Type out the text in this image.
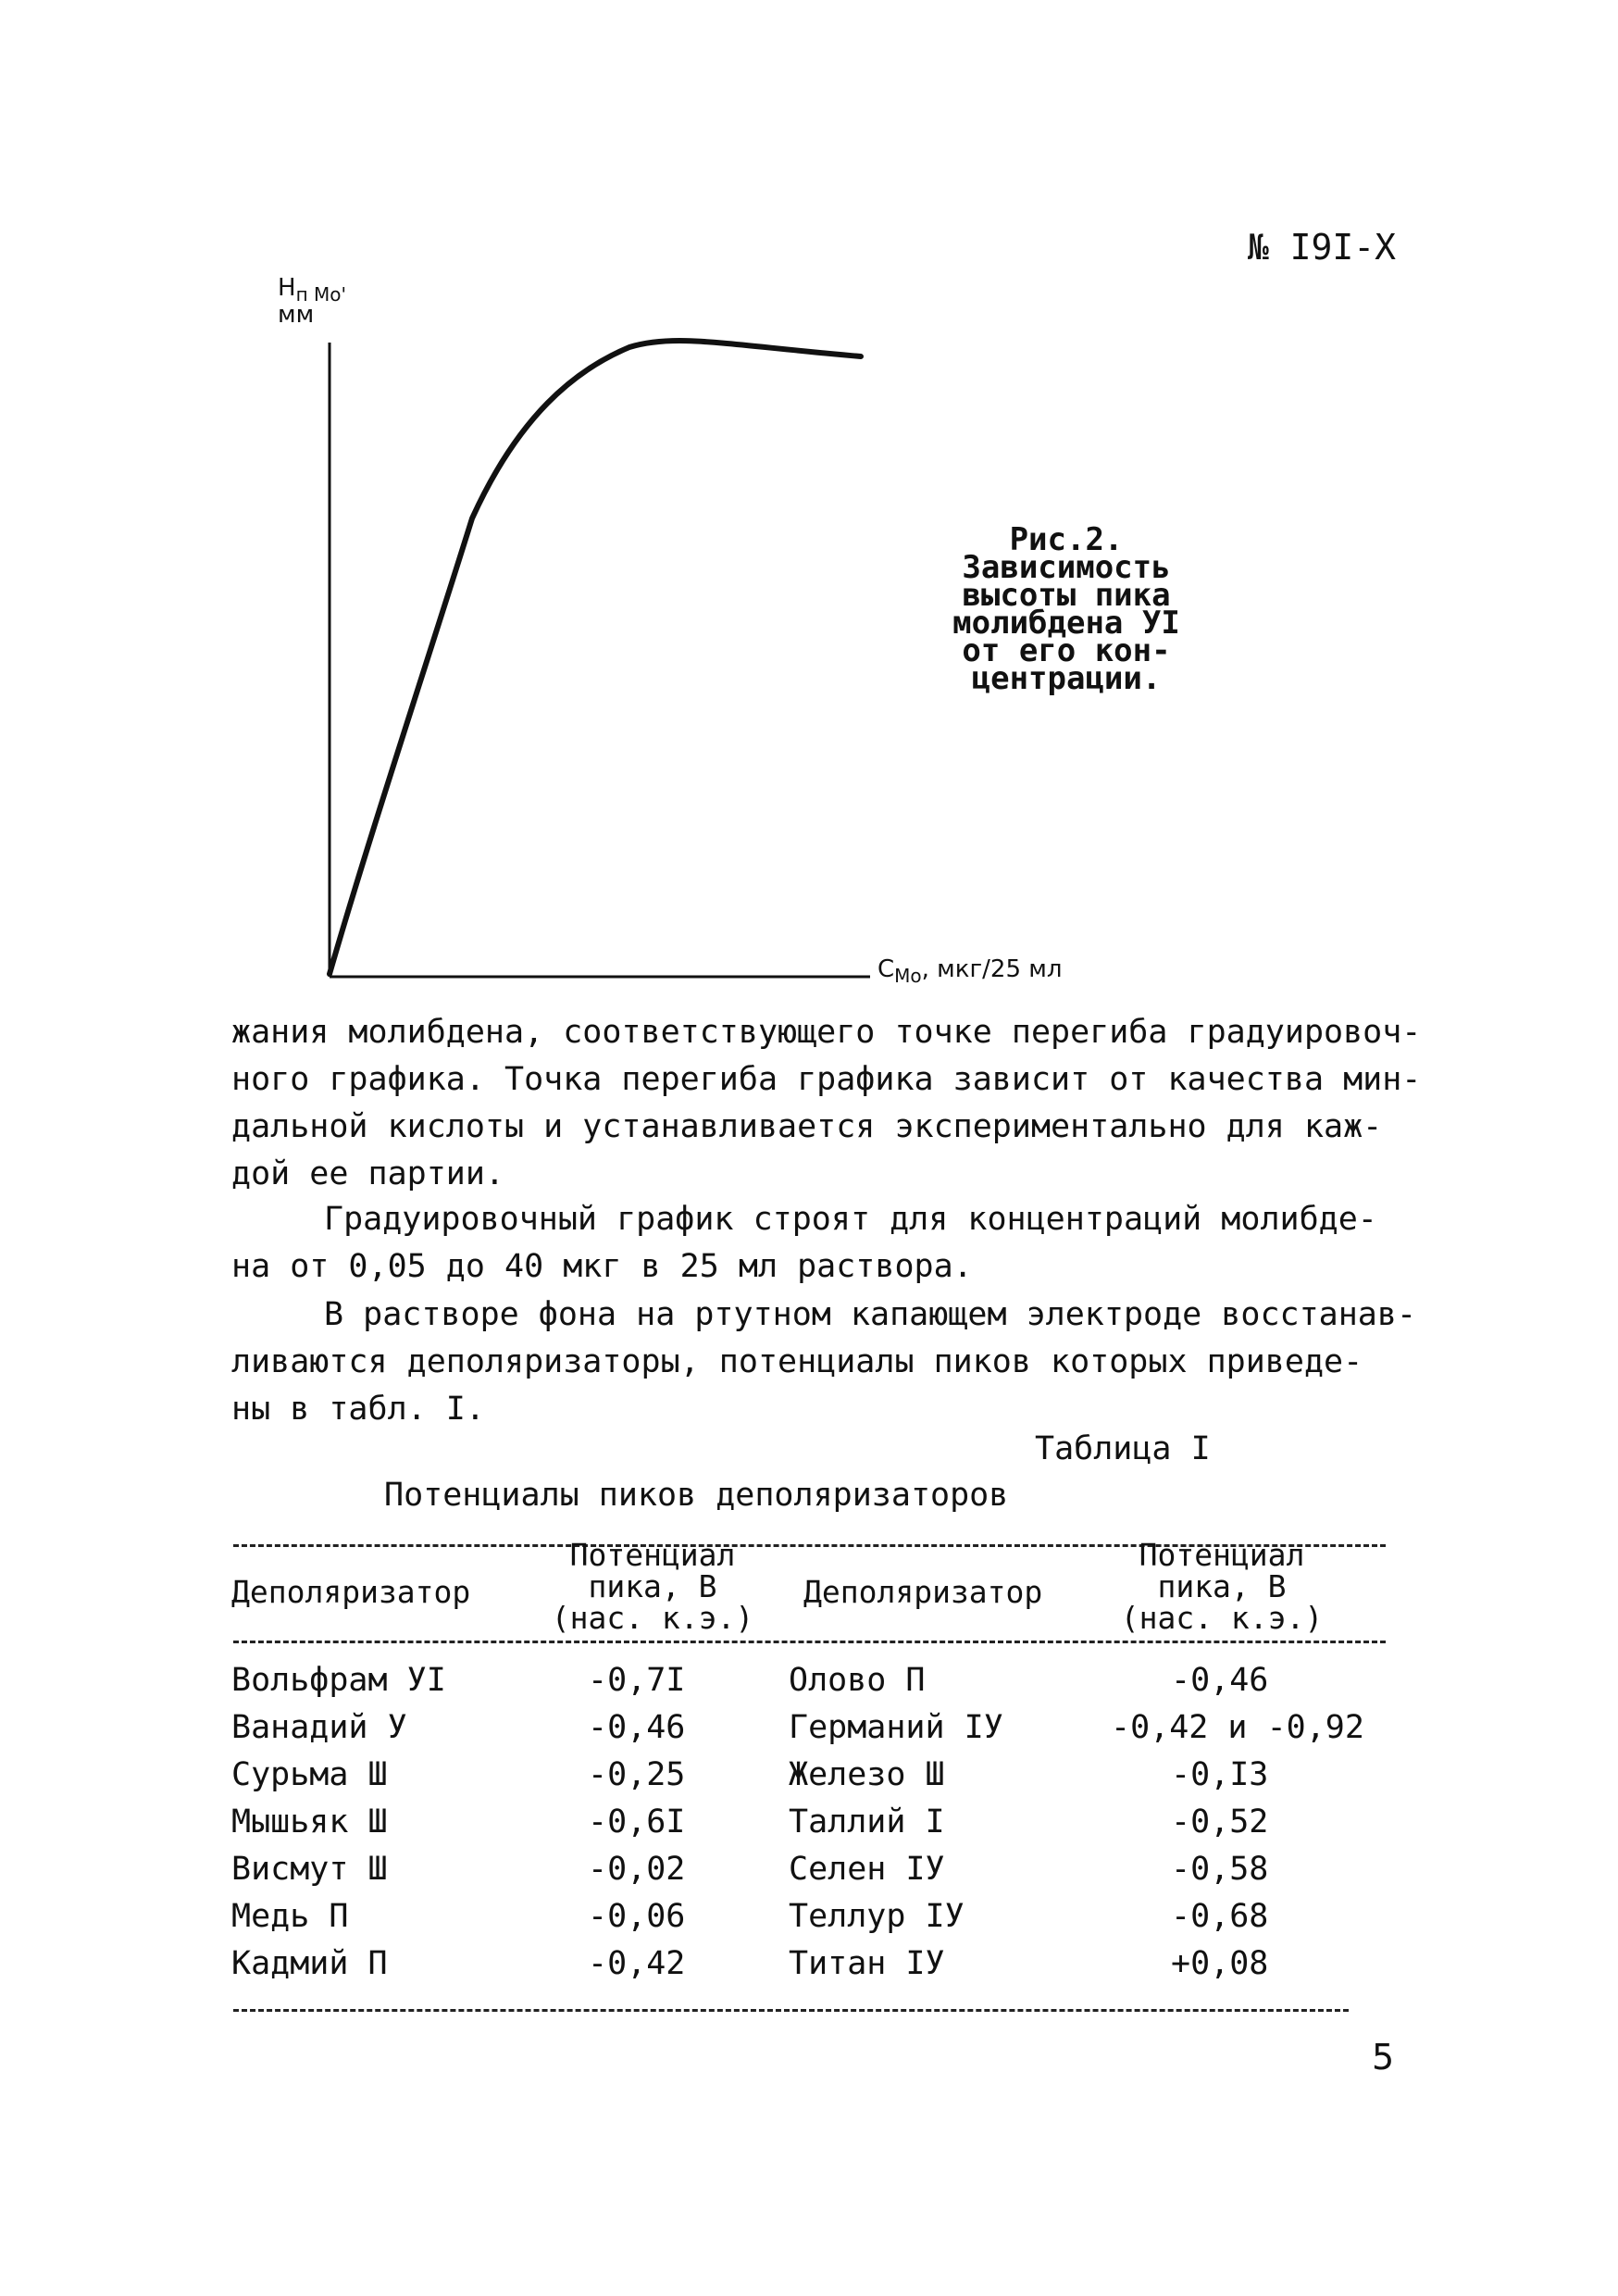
№ I9I-X
$H_{п Mo'}$
мм
$C_{Mo}$, мкг/25 мл
Рис.2.
Зависимость
высоты пика
молибдена УI
от его кон-
центрации.
жания молибдена, соответствующего точке перегиба градуировоч-
ного графика. Точка перегиба графика зависит от качества мин-
дальной кислоты и устанавливается экспериментально для каж-
дой ее партии.
Градуировочный график строят для концентраций молибде-
на от 0,05 до 40 мкг в 25 мл раствора.
В растворе фона на ртутном капающем электроде восстанав-
ливаются деполяризаторы, потенциалы пиков которых приведе-
ны в табл. I.
Таблица I
Потенциалы пиков деполяризаторов
Деполяризатор
Потенциал
пика, В
(нас. к.э.)
Деполяризатор
Потенциал
пика, В
(нас. к.э.)
Вольфрам УI	-0,7I	Олово П	-0,46
Ванадий У	-0,46	Германий IУ	-0,42 и -0,92
Сурьма Ш	-0,25	Железо Ш	-0,I3
Мышьяк Ш	-0,6I	Таллий I	-0,52
Висмут Ш	-0,02	Селен IУ	-0,58
Медь П	-0,06	Теллур IУ	-0,68
Кадмий П	-0,42	Титан IУ	+0,08
5
